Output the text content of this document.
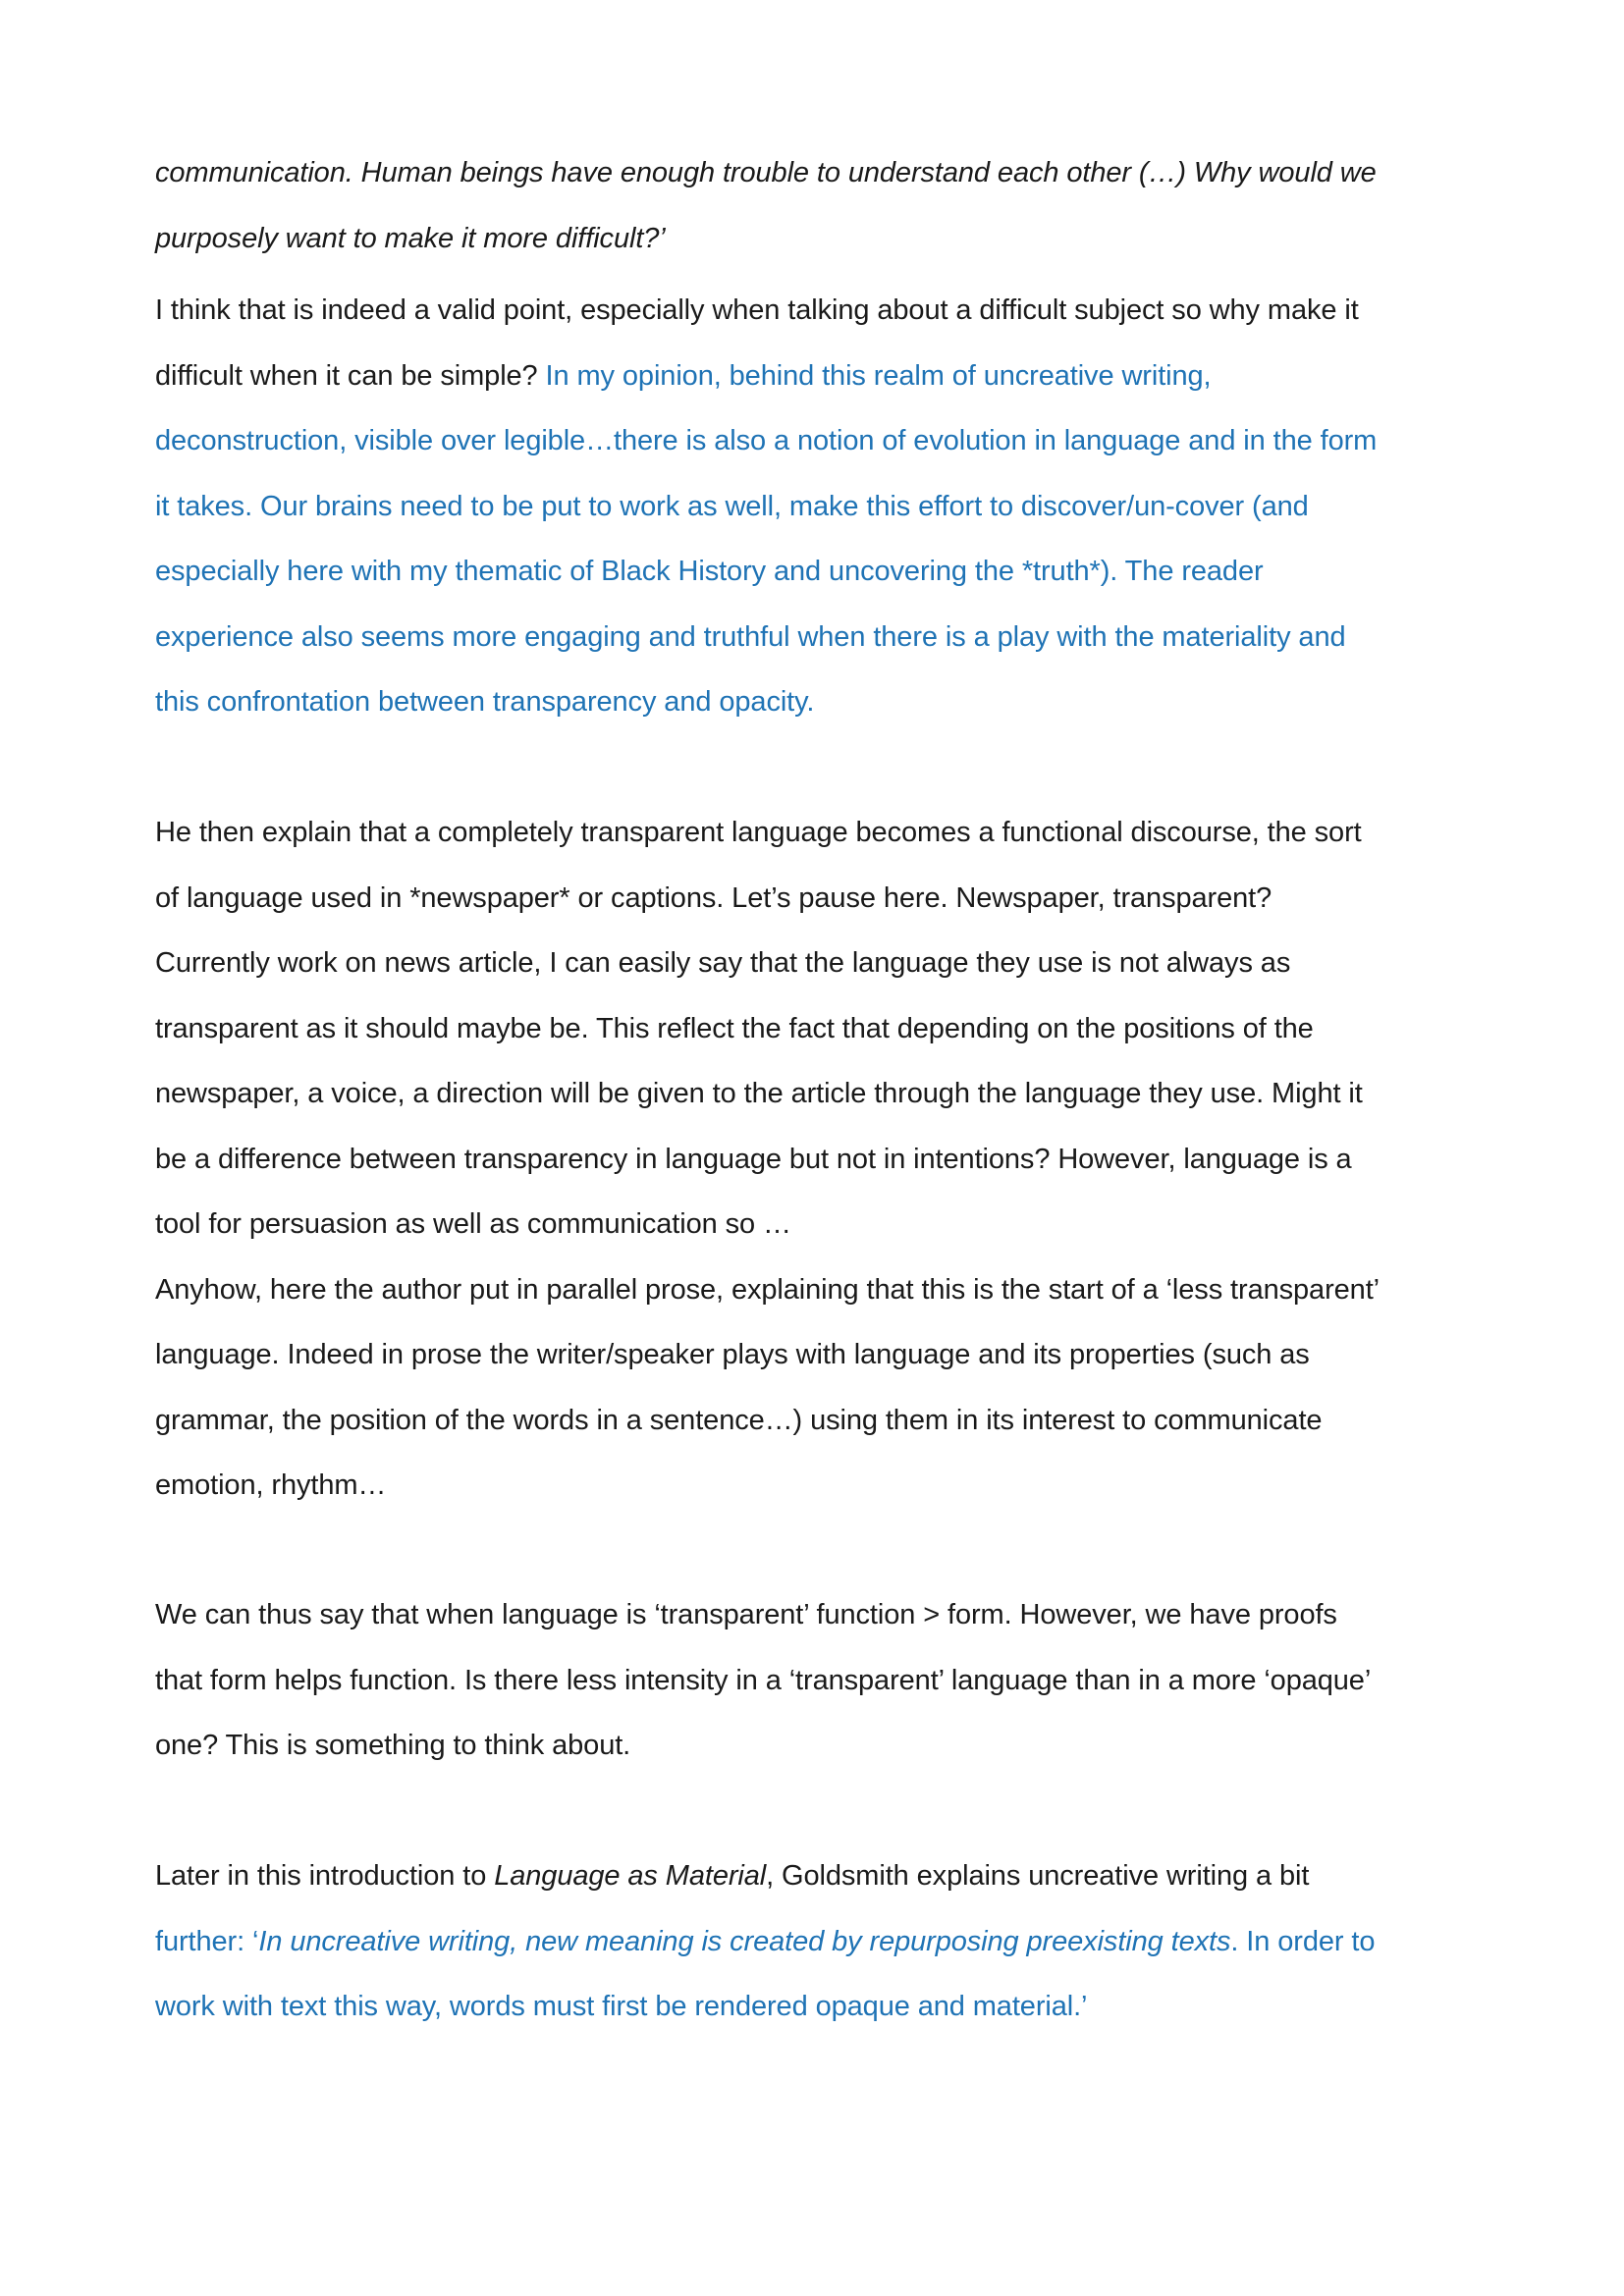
communication. Human beings have enough trouble to understand each other (…) Why would we
purposely want to make it more difficult?’
I think that is indeed a valid point, especially when talking about a difficult subject so why make it
difficult when it can be simple? In my opinion, behind this realm of uncreative writing,
deconstruction, visible over legible…there is also a notion of evolution in language and in the form
it takes. Our brains need to be put to work as well, make this effort to discover/un-cover (and
especially here with my thematic of Black History and uncovering the *truth*). The reader
experience also seems more engaging and truthful when there is a play with the materiality and
this confrontation between transparency and opacity.
He then explain that a completely transparent language becomes a functional discourse, the sort
of language used in *newspaper* or captions. Let’s pause here. Newspaper, transparent?
Currently work on news article, I can easily say that the language they use is not always as
transparent as it should maybe be. This reflect the fact that depending on the positions of the
newspaper, a voice, a direction will be given to the article through the language they use. Might it
be a difference between transparency in language but not in intentions? However, language is a
tool for persuasion as well as communication so …
Anyhow, here the author put in parallel prose, explaining that this is the start of a ‘less transparent’
language. Indeed in prose the writer/speaker plays with language and its properties (such as
grammar, the position of the words in a sentence…) using them in its interest to communicate
emotion, rhythm…
We can thus say that when language is ‘transparent’ function > form. However, we have proofs
that form helps function. Is there less intensity in a ‘transparent’ language than in a more ‘opaque’
one? This is something to think about.
Later in this introduction to Language as Material, Goldsmith explains uncreative writing a bit
further: ‘In uncreative writing, new meaning is created by repurposing preexisting texts. In order to
work with text this way, words must first be rendered opaque and material.’
